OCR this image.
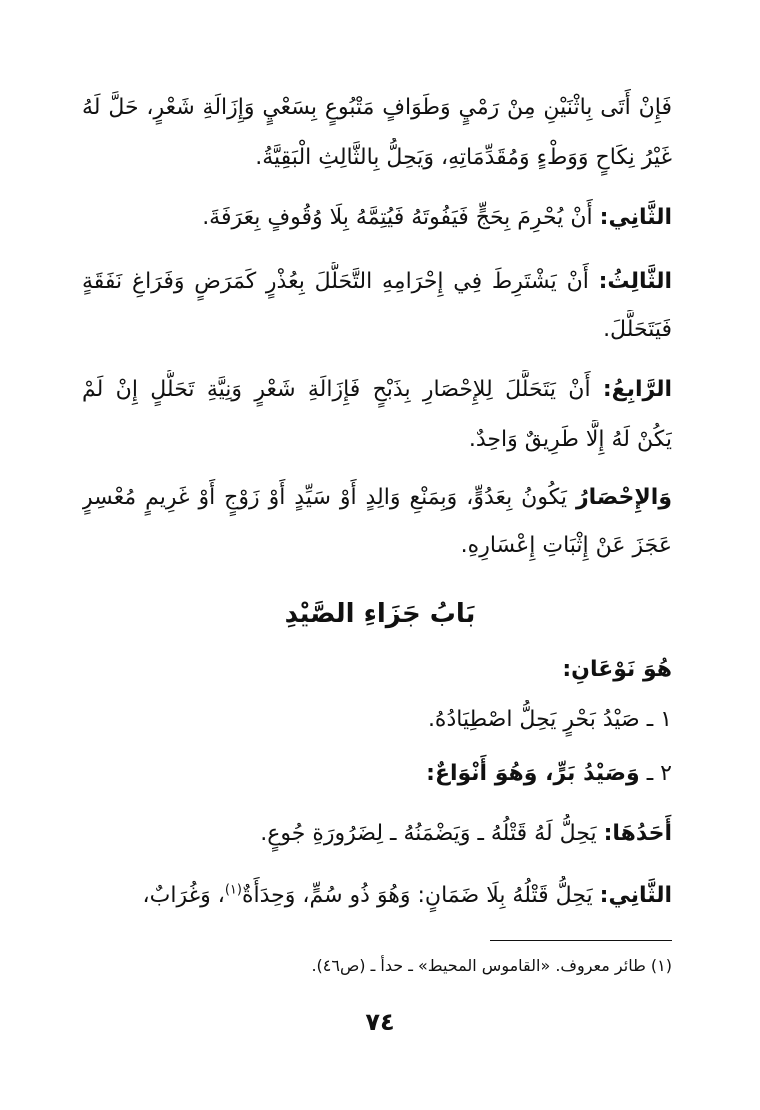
فَإِنْ أَتَى بِاثْنَيْنِ مِنْ رَمْيٍ وَطَوَافٍ مَتْبُوعٍ بِسَعْيٍ وَإِزَالَةِ شَعْرٍ، حَلَّ لَهُ
غَيْرُ نِكَاحٍ وَوَطْءٍ وَمُقَدِّمَاتِهِ، وَيَحِلُّ بِالثَّالِثِ الْبَقِيَّةُ.
الثَّانِي: أَنْ يُحْرِمَ بِحَجٍّ فَيَفُوتَهُ فَيُتِمَّهُ بِلَا وُقُوفٍ بِعَرَفَةَ.
الثَّالِثُ: أَنْ يَشْتَرِطَ فِي إِحْرَامِهِ التَّحَلُّلَ بِعُذْرٍ كَمَرَضٍ وَفَرَاغِ نَفَقَةٍ
فَيَتَحَلَّلَ.
الرَّابِعُ: أَنْ يَتَحَلَّلَ لِلإِحْصَارِ بِذَبْحٍ فَإِزَالَةِ شَعْرٍ وَنِيَّةِ تَحَلُّلٍ إِنْ لَمْ
يَكُنْ لَهُ إِلَّا طَرِيقٌ وَاحِدٌ.
وَالإِحْصَارُ يَكُونُ بِعَدُوٍّ، وَبِمَنْعِ وَالِدٍ أَوْ سَيِّدٍ أَوْ زَوْجٍ أَوْ غَرِيمٍ مُعْسِرٍ
عَجَزَ عَنْ إِثْبَاتِ إِعْسَارِهِ.
بَابُ جَزَاءِ الصَّيْدِ
هُوَ نَوْعَانِ:
١ ـ صَيْدُ بَحْرٍ يَحِلُّ اصْطِيَادُهُ.
٢ ـ وَصَيْدُ بَرٍّ، وَهُوَ أَنْوَاعٌ:
أَحَدُهَا: يَحِلُّ لَهُ قَتْلُهُ ـ وَيَضْمَنُهُ ـ لِضَرُورَةِ جُوعٍ.
الثَّانِي: يَحِلُّ قَتْلُهُ بِلَا ضَمَانٍ: وَهُوَ ذُو سُمٍّ، وَحِدَأَةٌ$^{(١)}$، وَغُرَابٌ،
(١) طائر معروف. «القاموس المحيط» ـ حدأ ـ (ص٤٦).
٧٤
